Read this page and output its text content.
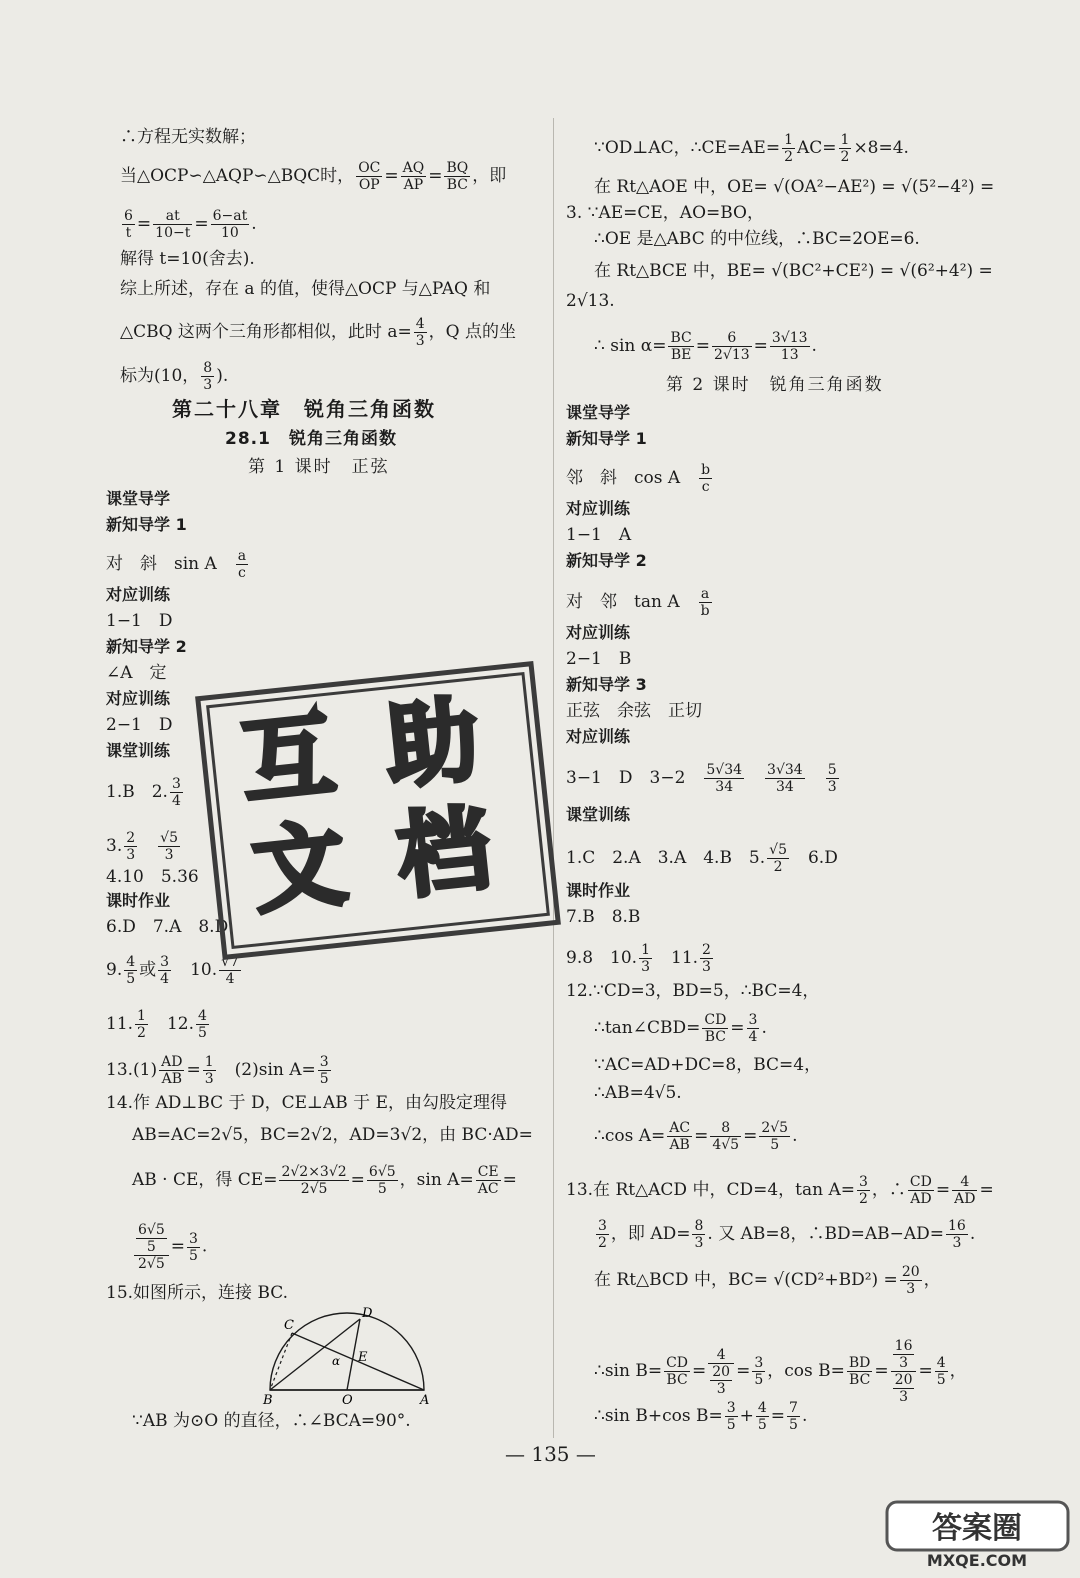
∴方程无实数解；
当△OCP∽△AQP∽△BQC时， $\frac{OC}{OP} = \frac{AQ}{AP} = \frac{BQ}{BC}$ ，即
$\frac{6}{t} = \frac{at}{10-t} = \frac{6-at}{10}$ .
解得 t=10(舍去).
综上所述，存在 a 的值，使得△OCP 与△PAQ 和
△CBQ 这两个三角形都相似，此时 $a= \frac{4}{3}$ ，Q 点的坐
标为(10， $\frac{8}{3}$ ).
第二十八章　锐角三角函数
28.1　锐角三角函数
第 1 课时　正弦
课堂导学
新知导学 1
对　斜　sin A　 $\frac{a}{c}$
对应训练
1−1　D
新知导学 2
∠A　定
对应训练
2−1　D
课堂训练
1.B　2. $\frac{3}{4}$
3. $\frac{2}{3}$
　 $\frac{√5}{3}$
4.10　5.36
课时作业
6.D　7.A　8.D
9. $\frac{4}{5}$ 或 $\frac{3}{4}$ 　10. $\frac{√7}{4}$
11. $\frac{1}{2}$ 　12. $\frac{4}{5}$
$13.(1) \frac{AD}{AB} = \frac{1}{3}$ 　(2)sin $A= \frac{3}{5}$
14.作 AD⊥BC 于 D，CE⊥AB 于 E，由勾股定理得
AB=AC=2√5，BC=2√2，AD=3√2，由 BC·AD=
AB · CE，得 $CE= \frac{2√2\times 3√2}{2√5} = \frac{6√5}{5}$ ，$\sin A= \frac{CE}{AC}$ =
$\frac{\frac{6√5}{5}}{2√5} = \frac{3}{5}$ .
15.如图所示，连接 BC.
C
D
E
α
B	O	A
∵AB 为⊙O 的直径，∴∠BCA=90°.
互 助
文 档
∵OD⊥AC，∴CE=AE= $\frac{1}{2} AC= \frac{1}{2} \times 8=4$.
在 Rt△AOE 中，OE= √(OA²−AE²) = √(5²−4²) =
3. ∵AE=CE，AO=BO，
∴OE 是△ABC 的中位线，∴BC=2OE=6.
在 Rt△BCE 中，BE= √(BC²+CE²) = √(6²+4²) =
2√13.
∴ $\sin \alpha= \frac{BC}{BE} = \frac{6}{2√13} = \frac{3√13}{13}$ .
第 2 课时　锐角三角函数
课堂导学
新知导学 1
邻　斜　cos A　 $\frac{b}{c}$
对应训练
1−1　A
新知导学 2
对　邻　tan A　 $\frac{a}{b}$
对应训练
2−1　B
新知导学 3
正弦　余弦　正切
对应训练
3−1　D　3−2　 $\frac{5√34}{34}$
　 $\frac{3√34}{34}$
　 $\frac{5}{3}$
课堂训练
1.C　2.A　3.A　4.B　5. $\frac{√5}{2}$ 　6.D
课时作业
7.B　8.B
9.8　10. $\frac{1}{3}$ 　11. $\frac{2}{3}$
12.∵CD=3，BD=5，∴BC=4，
∴tan∠CBD= $\frac{CD}{BC} = \frac{3}{4}$ .
∵AC=AD+DC=8，BC=4，
∴AB=4√5.
∴cos $A= \frac{AC}{AB} = \frac{8}{4√5} = \frac{2√5}{5}$ .
13.在 Rt△ACD 中，CD=4，$\tan A= \frac{3}{2}$ ，∴ $\frac{CD}{AD} = \frac{4}{AD}$ =
$\frac{3}{2}$ ，即 $AD= \frac{8}{3}$ . 又 AB=8，∴BD=AB−AD= $\frac{16}{3}$ .
在 Rt△BCD 中，$BC= √(CD^2+BD^2) = \frac{20}{3}$ ，
∴sin $B= \frac{CD}{BC} = \frac{4}{\frac{20}{3}} = \frac{3}{5}$ ，$\cos B= \frac{BD}{BC} = \frac{\frac{16}{3}}{\frac{20}{3}} = \frac{4}{5}$ ，
∴sin B+cos $B= \frac{3}{5} + \frac{4}{5} = \frac{7}{5}$ .
— 135 —
答案圈
MXQE.COM
